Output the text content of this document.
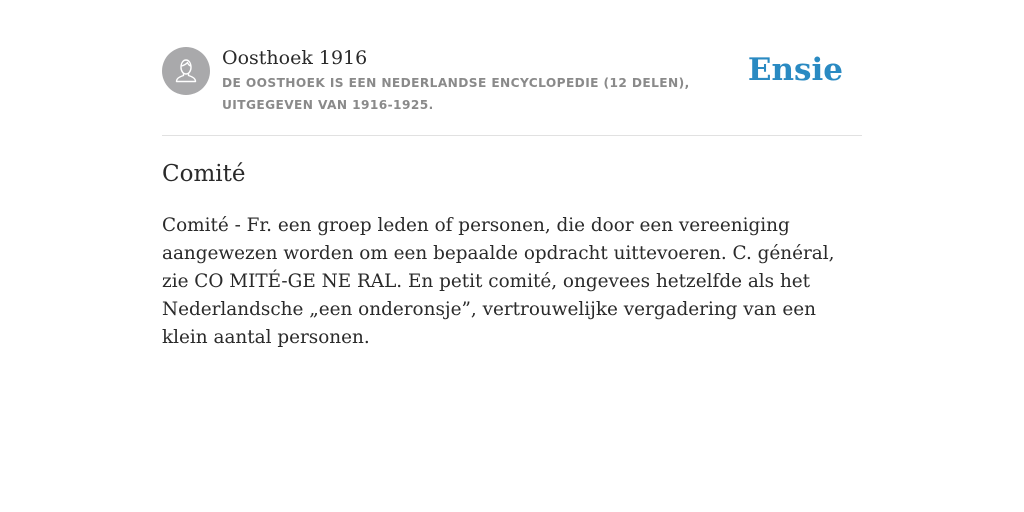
Oosthoek 1916
DE OOSTHOEK IS EEN NEDERLANDSE ENCYCLOPEDIE (12 DELEN), UITGEGEVEN VAN 1916-1925.
Ensie
Comité

Comité - Fr. een groep leden of personen, die door een vereeniging aangewezen worden om een bepaalde opdracht uittevoeren. C. général, zie CO MITÉ-GE NE RAL. En petit comité, ongevees hetzelfde als het Nederlandsche „een onderonsje”, vertrouwelijke vergadering van een klein aantal personen.
